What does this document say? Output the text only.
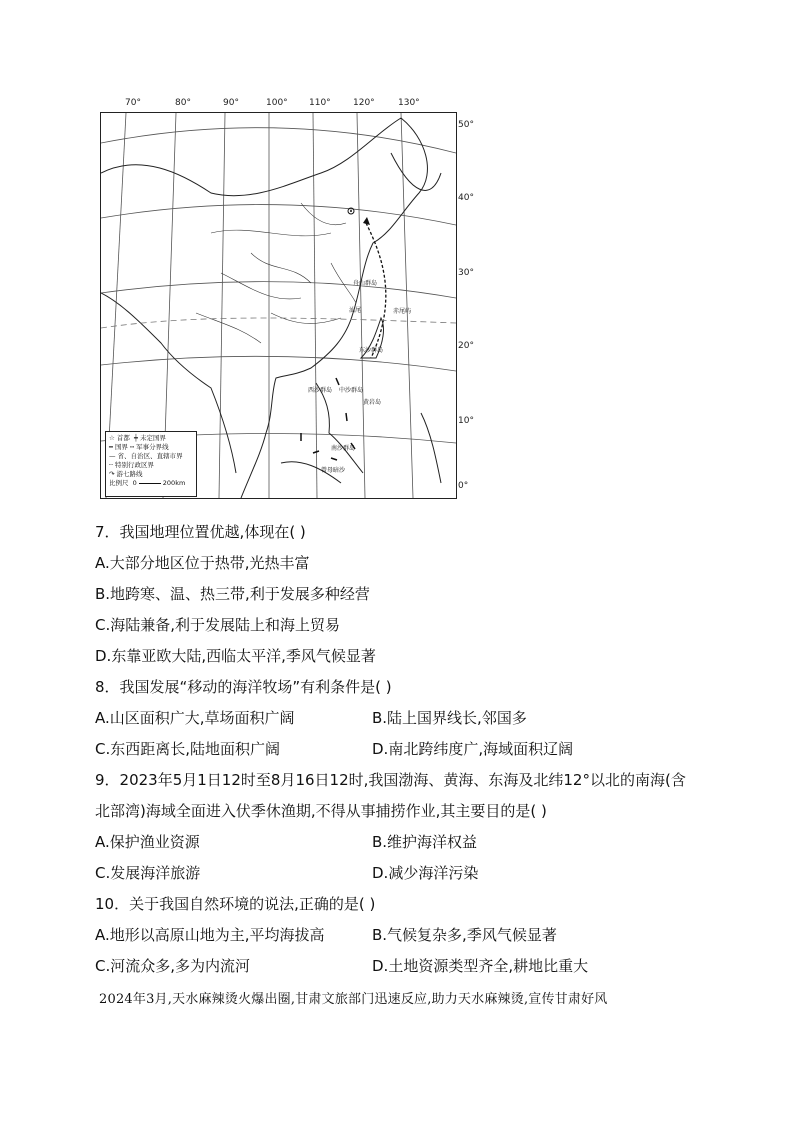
70°	80°	90°	100° 110° 120°	130°
50°
40°
30°
20°
10°
0°
舟山群岛
赤尾屿
东沙群岛
西沙群岛 中沙群岛
黄岩岛
南沙群岛
曾母暗沙
汕尾
☆ 首都 ┿ 未定国界
━ 国界 ┅ 军事分界线
— 省、自治区、直辖市界
┄ 特别行政区界
↷ 游七路线
比例尺 0	200km
7．我国地理位置优越,体现在( )
A.大部分地区位于热带,光热丰富
B.地跨寒、温、热三带,利于发展多种经营
C.海陆兼备,利于发展陆上和海上贸易
D.东靠亚欧大陆,西临太平洋,季风气候显著
8．我国发展“移动的海洋牧场”有利条件是( )
A.山区面积广大,草场面积广阔	B.陆上国界线长,邻国多
C.东西距离长,陆地面积广阔	D.南北跨纬度广,海域面积辽阔
9．2023年5月1日12时至8月16日12时,我国渤海、黄海、东海及北纬12°以北的南海(含
北部湾)海域全面进入伏季休渔期,不得从事捕捞作业,其主要目的是( )
A.保护渔业资源	B.维护海洋权益
C.发展海洋旅游	D.减少海洋污染
10．关于我国自然环境的说法,正确的是( )
A.地形以高原山地为主,平均海拔高	B.气候复杂多,季风气候显著
C.河流众多,多为内流河	D.土地资源类型齐全,耕地比重大
2024年3月,天水麻辣烫火爆出圈,甘肃文旅部门迅速反应,助力天水麻辣烫,宣传甘肃好风
